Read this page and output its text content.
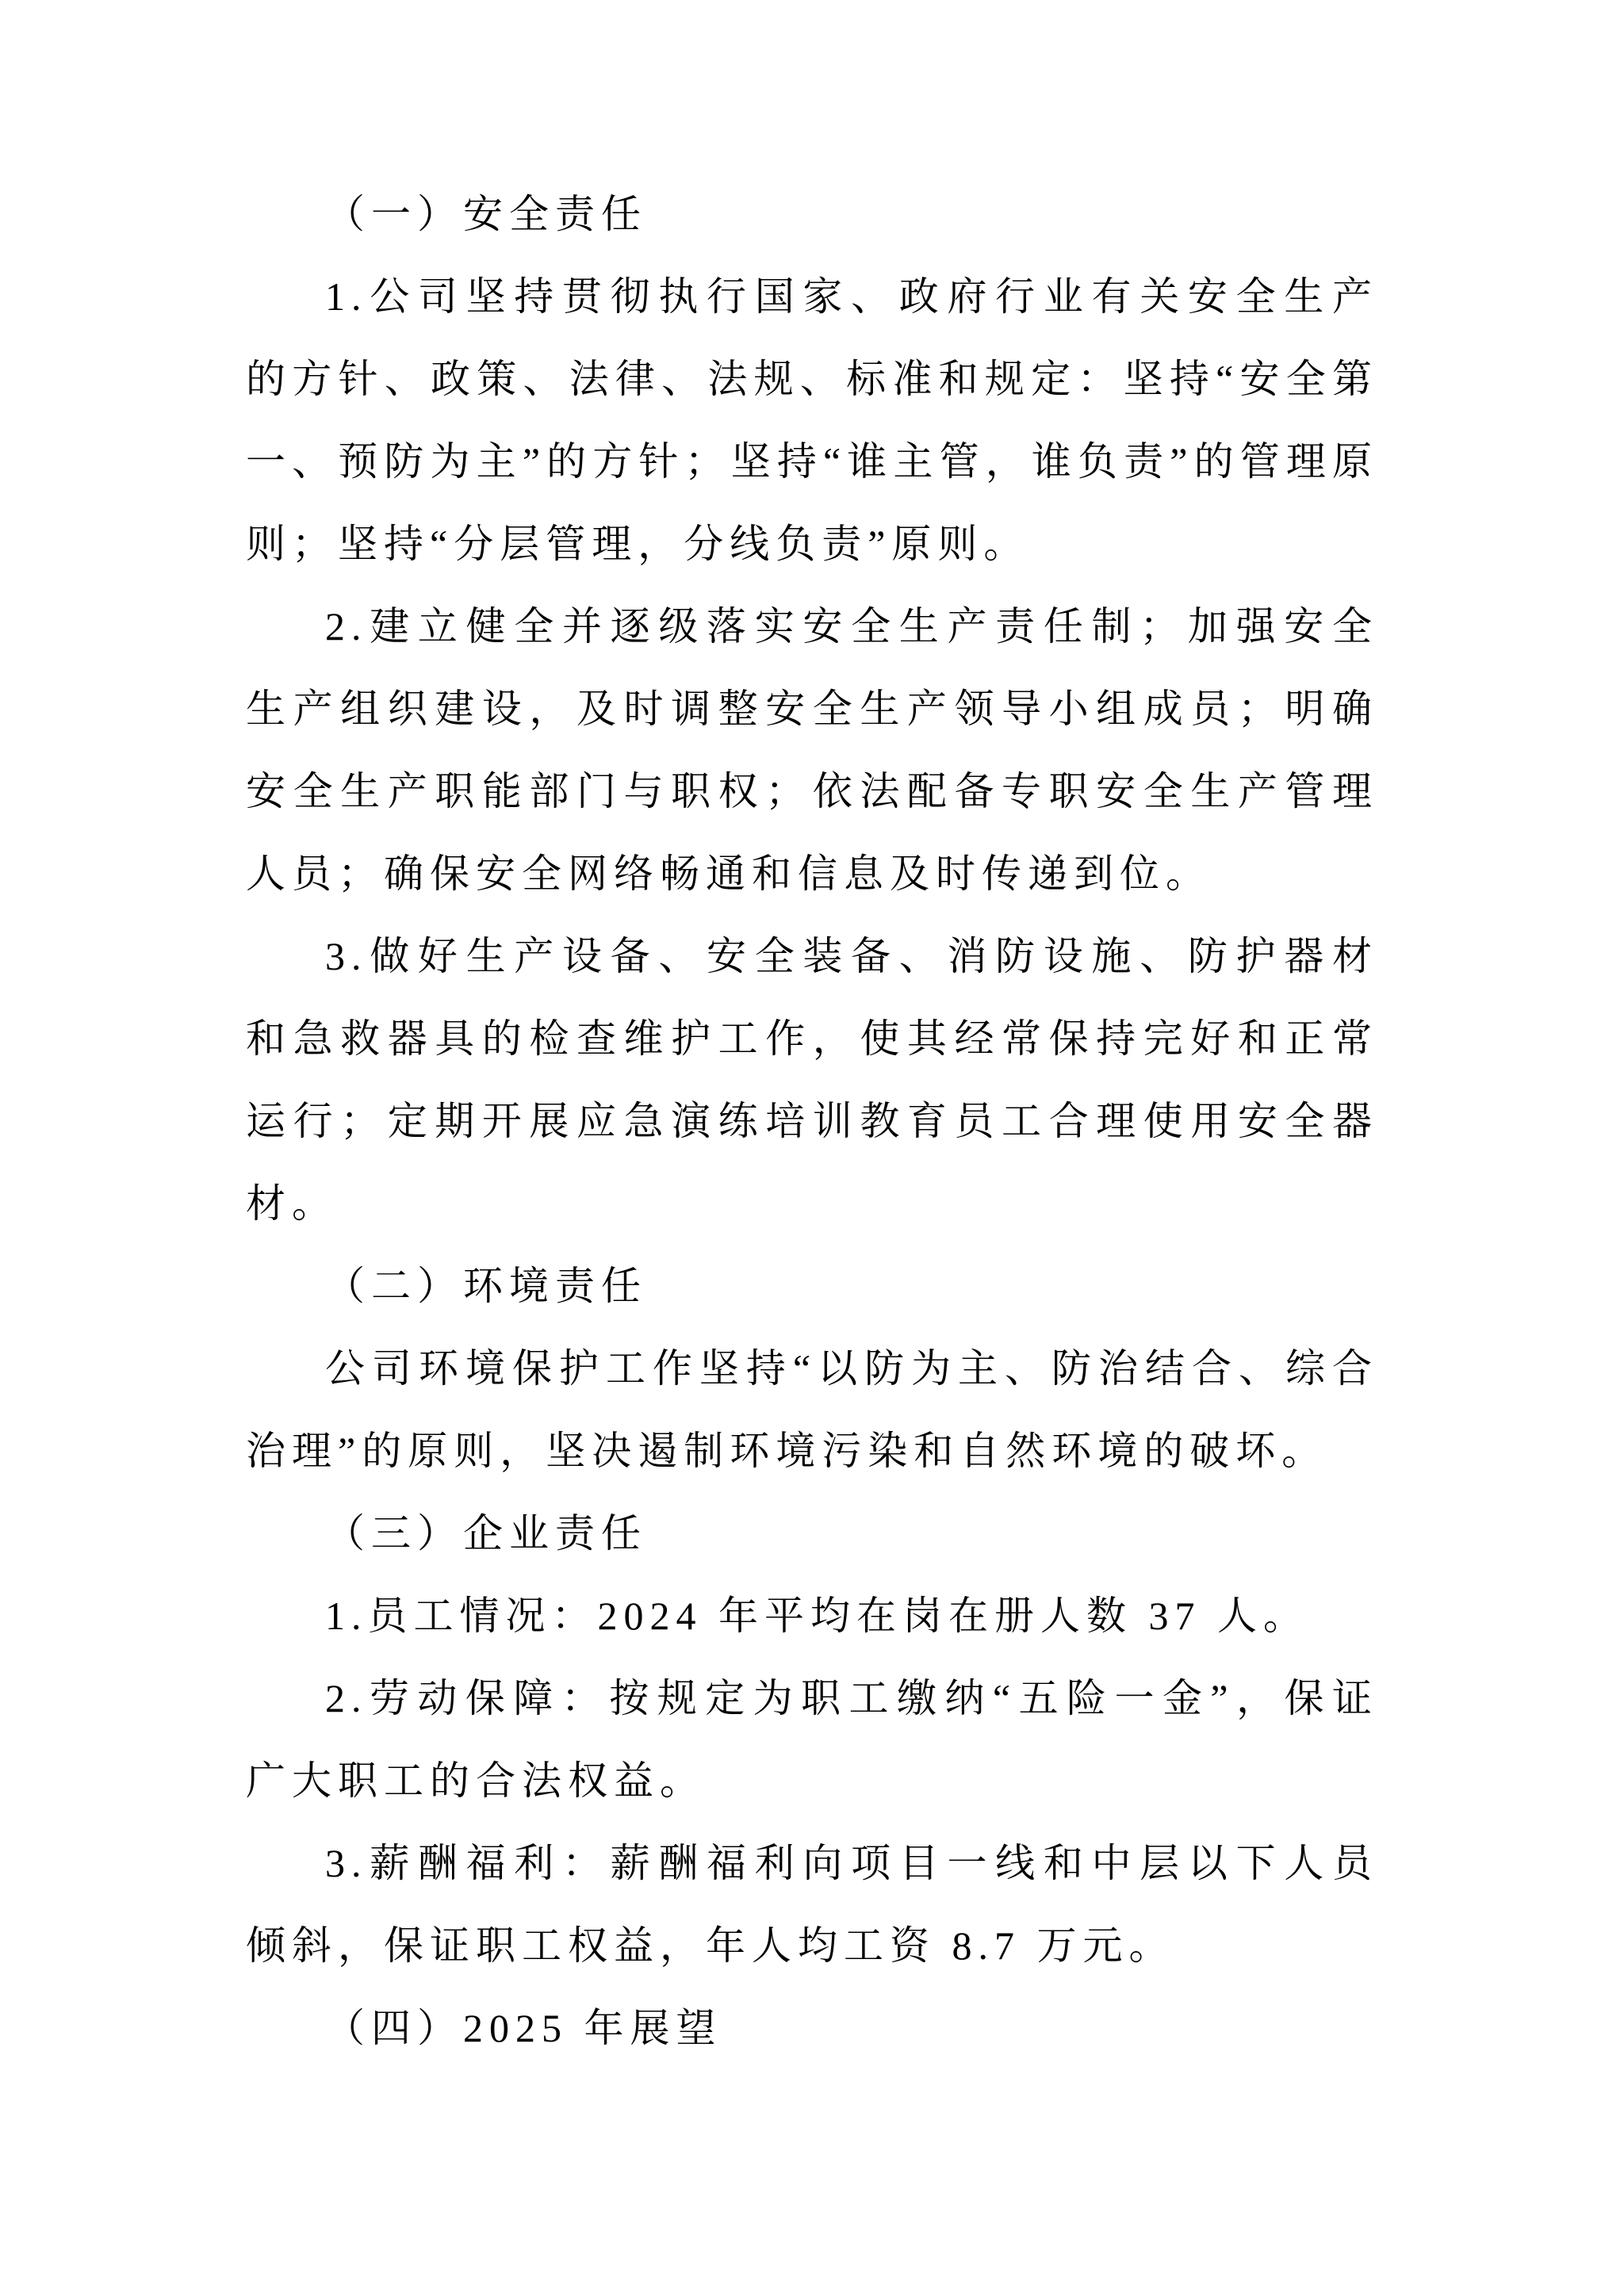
（一）安全责任

1.公司坚持贯彻执行国家、政府行业有关安全生产的方针、政策、法律、法规、标准和规定：坚持“安全第一、预防为主”的方针；坚持“谁主管，谁负责”的管理原则；坚持“分层管理，分线负责”原则。

2.建立健全并逐级落实安全生产责任制；加强安全生产组织建设，及时调整安全生产领导小组成员；明确安全生产职能部门与职权；依法配备专职安全生产管理人员；确保安全网络畅通和信息及时传递到位。

3.做好生产设备、安全装备、消防设施、防护器材和急救器具的检查维护工作，使其经常保持完好和正常运行；定期开展应急演练培训教育员工合理使用安全器材。

（二）环境责任

公司环境保护工作坚持“以防为主、防治结合、综合治理”的原则，坚决遏制环境污染和自然环境的破坏。

（三）企业责任

1.员工情况：2024 年平均在岗在册人数 37 人。

2.劳动保障：按规定为职工缴纳“五险一金”，保证广大职工的合法权益。

3.薪酬福利：薪酬福利向项目一线和中层以下人员倾斜，保证职工权益，年人均工资 8.7 万元。

（四）2025 年展望
